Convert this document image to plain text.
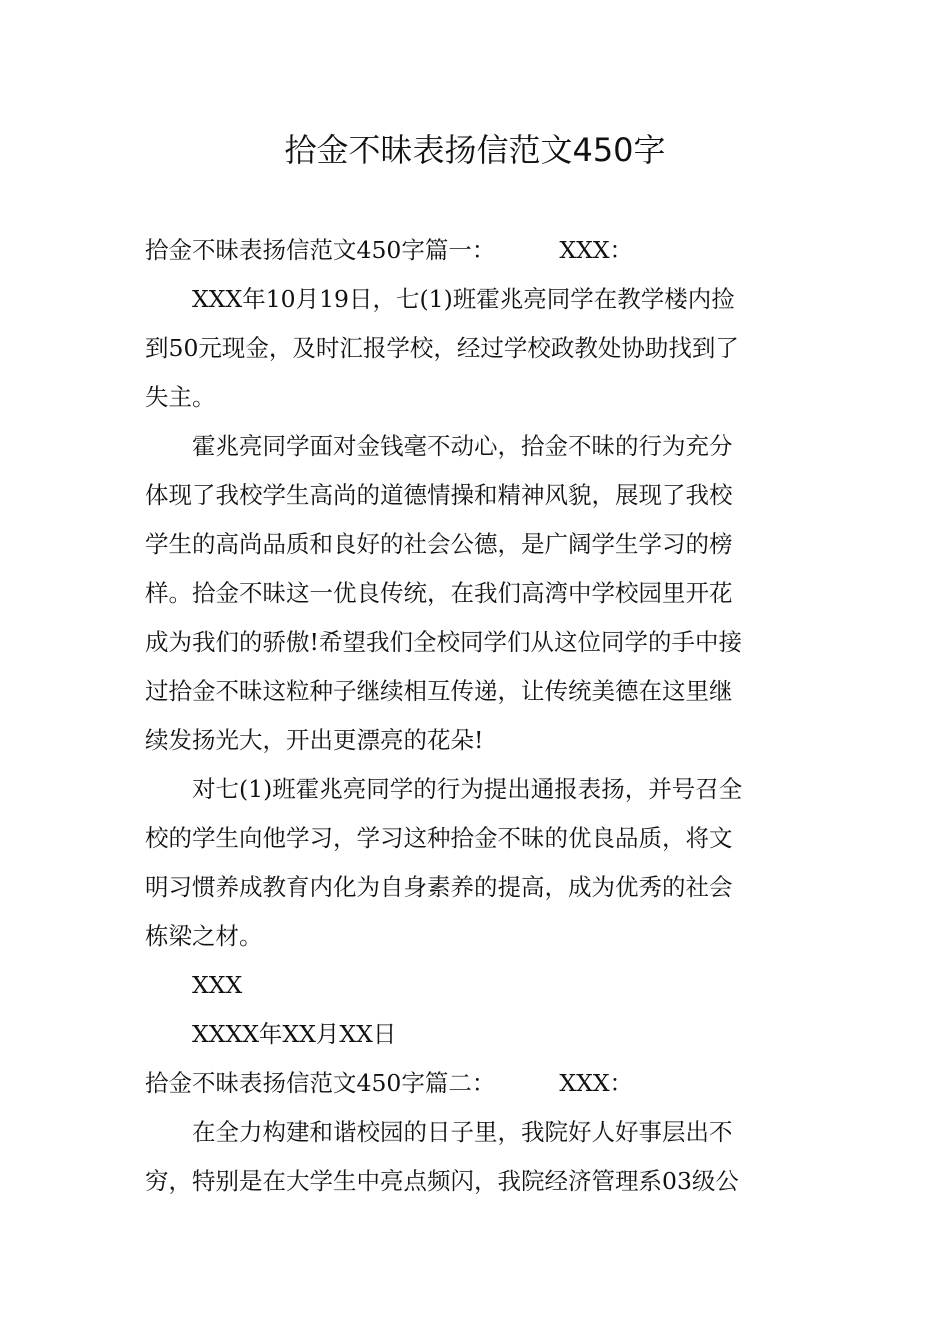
拾金不昧表扬信范文450字

拾金不昧表扬信范文450字篇一：	XXX：

XXX年10月19日，七(1)班霍兆亮同学在教学楼内捡
到50元现金，及时汇报学校，经过学校政教处协助找到了
失主。

霍兆亮同学面对金钱毫不动心，拾金不昧的行为充分
体现了我校学生高尚的道德情操和精神风貌，展现了我校
学生的高尚品质和良好的社会公德，是广阔学生学习的榜
样。拾金不昧这一优良传统，在我们高湾中学校园里开花
成为我们的骄傲!希望我们全校同学们从这位同学的手中接
过拾金不昧这粒种子继续相互传递，让传统美德在这里继
续发扬光大，开出更漂亮的花朵!

对七(1)班霍兆亮同学的行为提出通报表扬，并号召全
校的学生向他学习，学习这种拾金不昧的优良品质，将文
明习惯养成教育内化为自身素养的提高，成为优秀的社会
栋梁之材。

XXX

XXXX年XX月XX日

拾金不昧表扬信范文450字篇二：	XXX：

在全力构建和谐校园的日子里，我院好人好事层出不
穷，特别是在大学生中亮点频闪，我院经济管理系03级公
